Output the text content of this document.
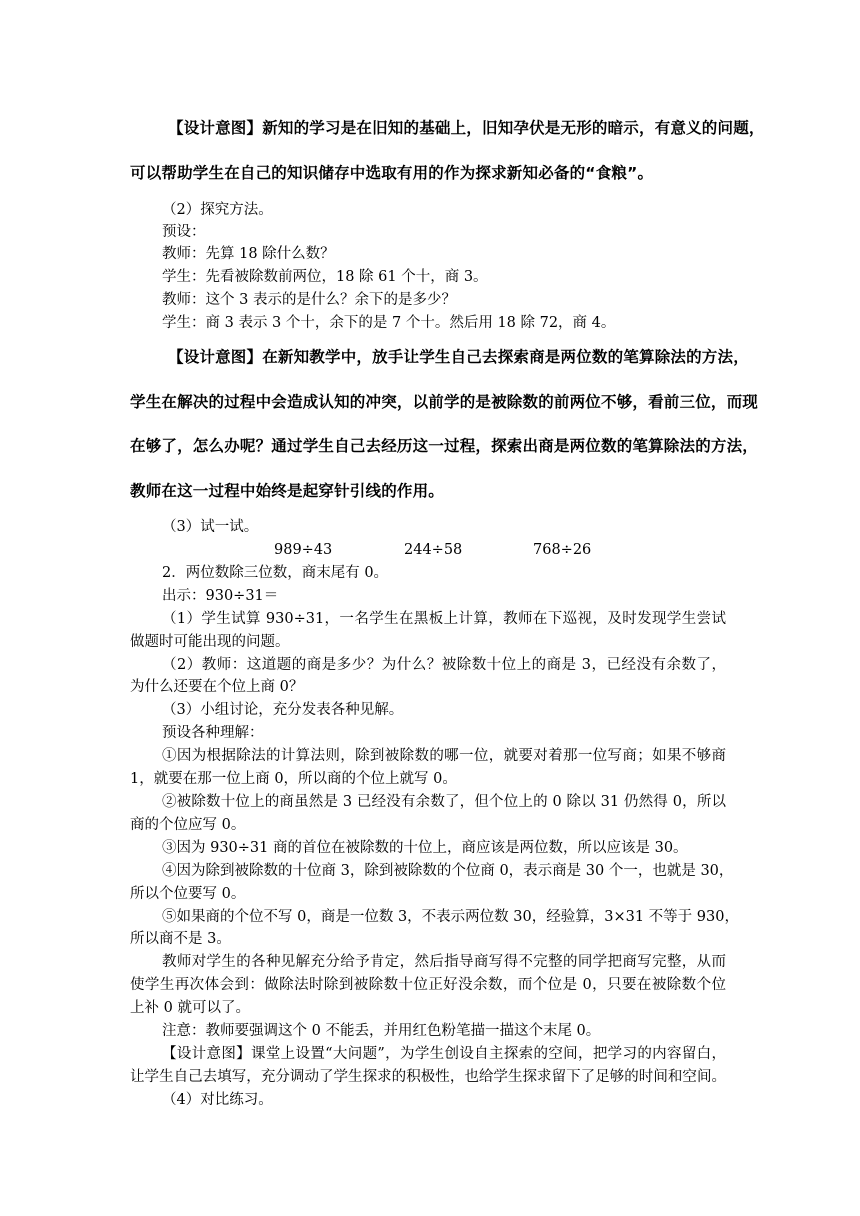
【设计意图】新知的学习是在旧知的基础上，旧知孕伏是无形的暗示，有意义的问题，
可以帮助学生在自己的知识储存中选取有用的作为探求新知必备的“食粮”。
（2）探究方法。
预设：
教师：先算 18 除什么数？
学生：先看被除数前两位，18 除 61 个十，商 3。
教师：这个 3 表示的是什么？余下的是多少？
学生：商 3 表示 3 个十，余下的是 7 个十。然后用 18 除 72，商 4。
【设计意图】在新知教学中，放手让学生自己去探索商是两位数的笔算除法的方法，
学生在解决的过程中会造成认知的冲突，以前学的是被除数的前两位不够，看前三位，而现
在够了，怎么办呢？通过学生自己去经历这一过程，探索出商是两位数的笔算除法的方法，
教师在这一过程中始终是起穿针引线的作用。
（3）试一试。
989÷43	244÷58	768÷26
2．两位数除三位数，商末尾有 0。
出示：930÷31＝
（1）学生试算 930÷31，一名学生在黑板上计算，教师在下巡视，及时发现学生尝试
做题时可能出现的问题。
（2）教师：这道题的商是多少？为什么？被除数十位上的商是 3，已经没有余数了，
为什么还要在个位上商 0？
（3）小组讨论，充分发表各种见解。
预设各种理解：
①因为根据除法的计算法则，除到被除数的哪一位，就要对着那一位写商；如果不够商
1，就要在那一位上商 0，所以商的个位上就写 0。
②被除数十位上的商虽然是 3 已经没有余数了，但个位上的 0 除以 31 仍然得 0，所以
商的个位应写 0。
③因为 930÷31 商的首位在被除数的十位上，商应该是两位数，所以应该是 30。
④因为除到被除数的十位商 3，除到被除数的个位商 0，表示商是 30 个一，也就是 30，
所以个位要写 0。
⑤如果商的个位不写 0，商是一位数 3，不表示两位数 30，经验算，3×31 不等于 930，
所以商不是 3。
教师对学生的各种见解充分给予肯定，然后指导商写得不完整的同学把商写完整，从而
使学生再次体会到：做除法时除到被除数十位正好没余数，而个位是 0，只要在被除数个位
上补 0 就可以了。
注意：教师要强调这个 0 不能丢，并用红色粉笔描一描这个末尾 0。
【设计意图】课堂上设置“大问题”，为学生创设自主探索的空间，把学习的内容留白，
让学生自己去填写，充分调动了学生探求的积极性，也给学生探求留下了足够的时间和空间。
（4）对比练习。
